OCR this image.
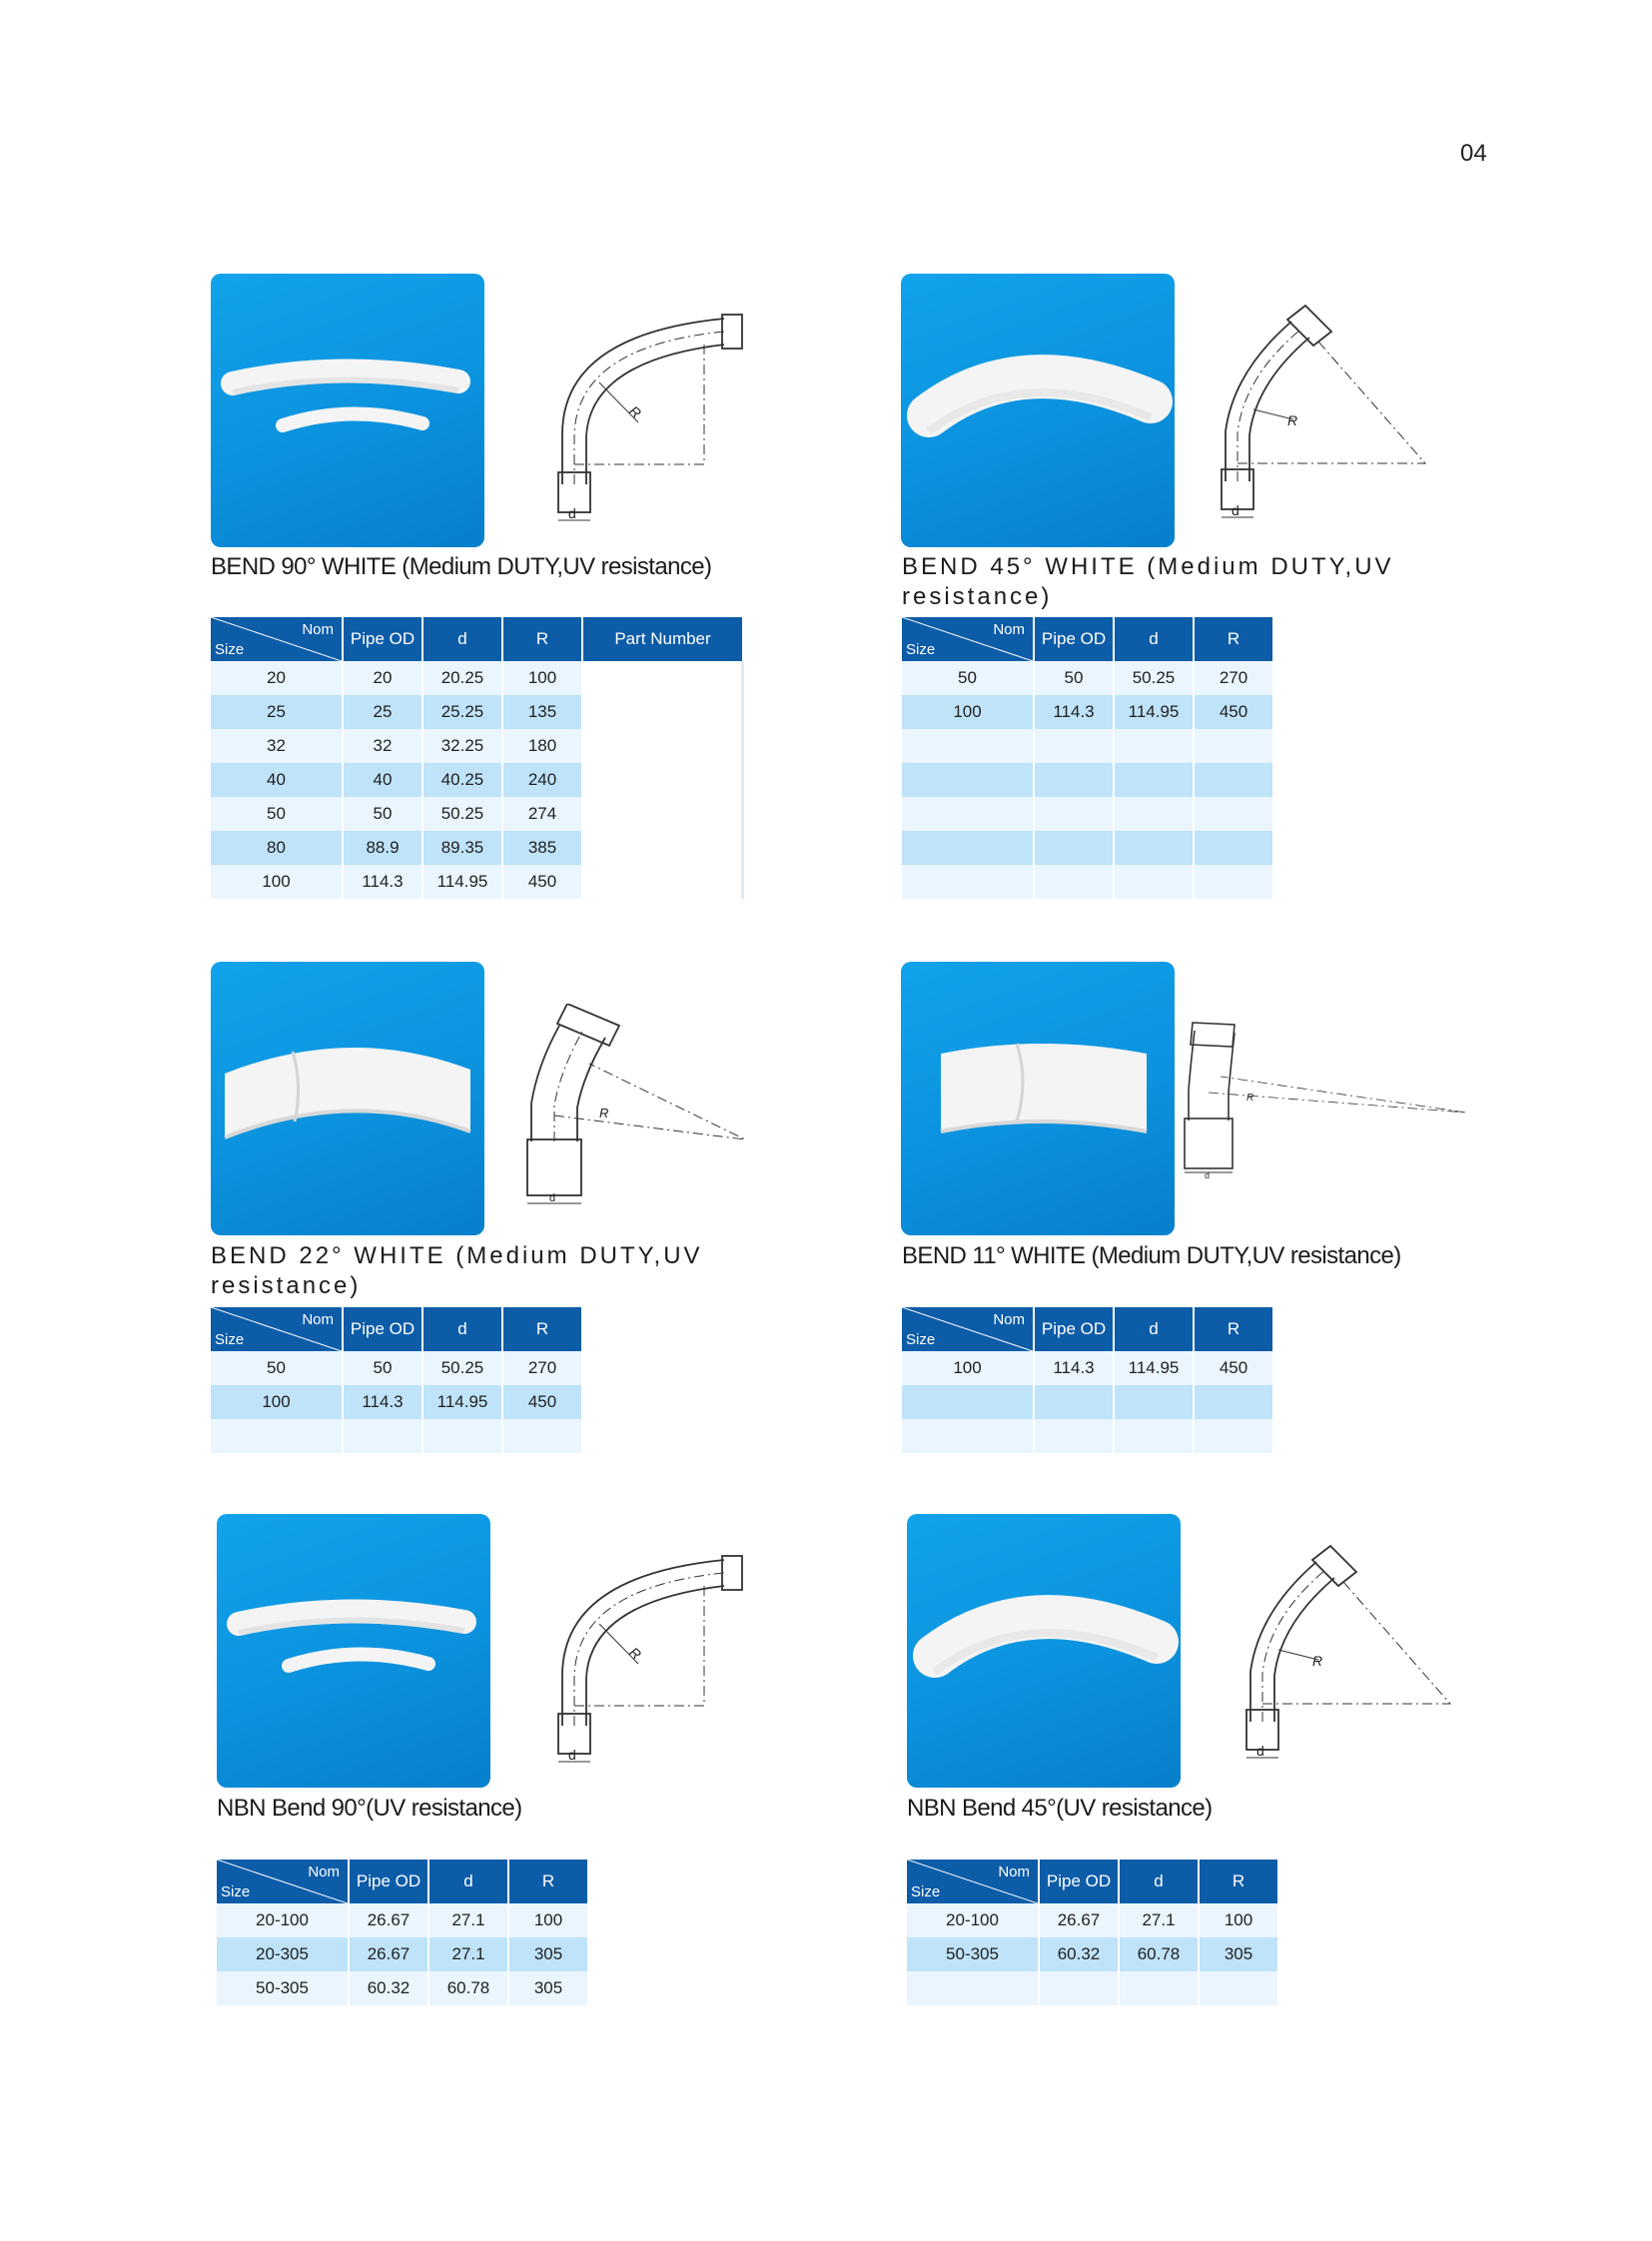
04
R
d
BEND 90° WHITE (Medium DUTY,UV resistance)
Nom
Size	Pipe OD	d	R	Part Number
20	20	20.25	100	
25	25	25.25	135	
32	32	32.25	180	
40	40	40.25	240	
50	50	50.25	274	
80	88.9	89.35	385	
100	114.3	114.95	450	
R
d
BEND 45° WHITE (Medium DUTY,UV resistance)
Nom
Size	Pipe OD	d	R
50	50	50.25	270
100	114.3	114.95	450

R
d
BEND 22° WHITE (Medium DUTY,UV resistance)
Nom
Size	Pipe OD	d	R
50	50	50.25	270
100	114.3	114.95	450

R
d
BEND 11° WHITE (Medium DUTY,UV resistance)
Nom
Size	Pipe OD	d	R
100	114.3	114.95	450

R
d
NBN Bend 90°(UV resistance)
Nom
Size	Pipe OD	d	R
20-100	26.67	27.1	100
20-305	26.67	27.1	305
50-305	60.32	60.78	305
R
d
NBN Bend 45°(UV resistance)
Nom
Size	Pipe OD	d	R
20-100	26.67	27.1	100
50-305	60.32	60.78	305
